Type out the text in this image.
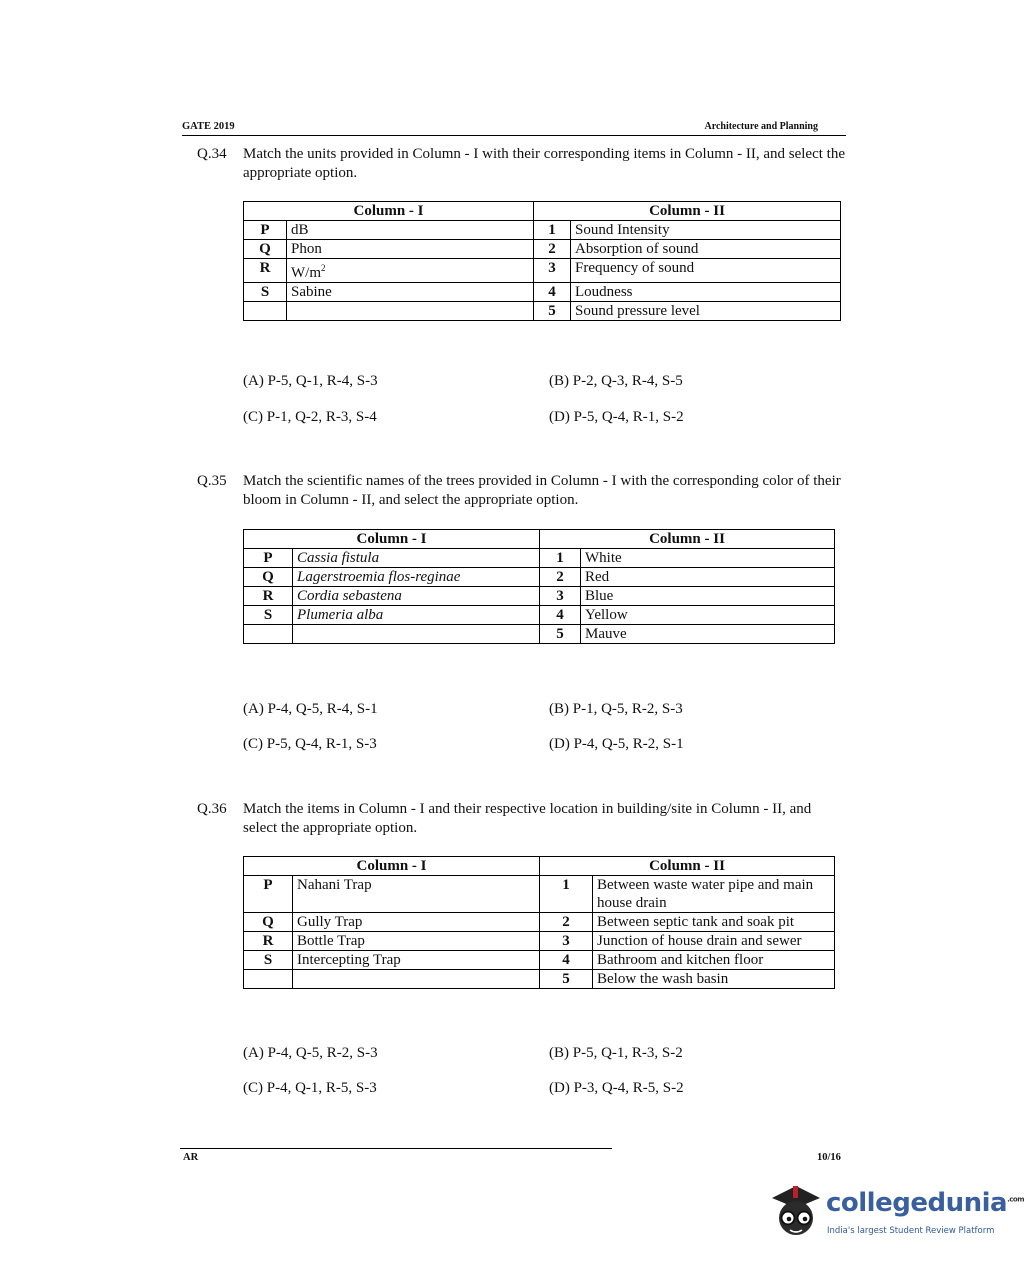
GATE 2019	Architecture and Planning
Q.34 Match the units provided in Column - I with their corresponding items in Column - II, and select the appropriate option.
Column - I		Column - II	
P	dB	1	Sound Intensity
Q	Phon	2	Absorption of sound
R	$W/m^2$	3	Frequency of sound
S	Sabine	4	Loudness
		5	Sound pressure level
(A) P-5, Q-1, R-4, S-3	(B) P-2, Q-3, R-4, S-5
(C) P-1, Q-2, R-3, S-4	(D) P-5, Q-4, R-1, S-2
Q.35 Match the scientific names of the trees provided in Column - I with the corresponding color of their bloom in Column - II, and select the appropriate option.
Column - I		Column - II	
P	Cassia fistula	1	White
Q	Lagerstroemia flos-reginae	2	Red
R	Cordia sebastena	3	Blue
S	Plumeria alba	4	Yellow
		5	Mauve
(A) P-4, Q-5, R-4, S-1	(B) P-1, Q-5, R-2, S-3
(C) P-5, Q-4, R-1, S-3	(D) P-4, Q-5, R-2, S-1
Q.36 Match the items in Column - I and their respective location in building/site in Column - II, and select the appropriate option.
Column - I		Column - II	
P	Nahani Trap	1	Between waste water pipe and main house drain
Q	Gully Trap	2	Between septic tank and soak pit
R	Bottle Trap	3	Junction of house drain and sewer
S	Intercepting Trap	4	Bathroom and kitchen floor
		5	Below the wash basin
(A) P-4, Q-5, R-2, S-3	(B) P-5, Q-1, R-3, S-2
(C) P-4, Q-1, R-5, S-3	(D) P-3, Q-4, R-5, S-2
AR	10/16
collegedunia$^{.com}$
India's largest Student Review Platform
